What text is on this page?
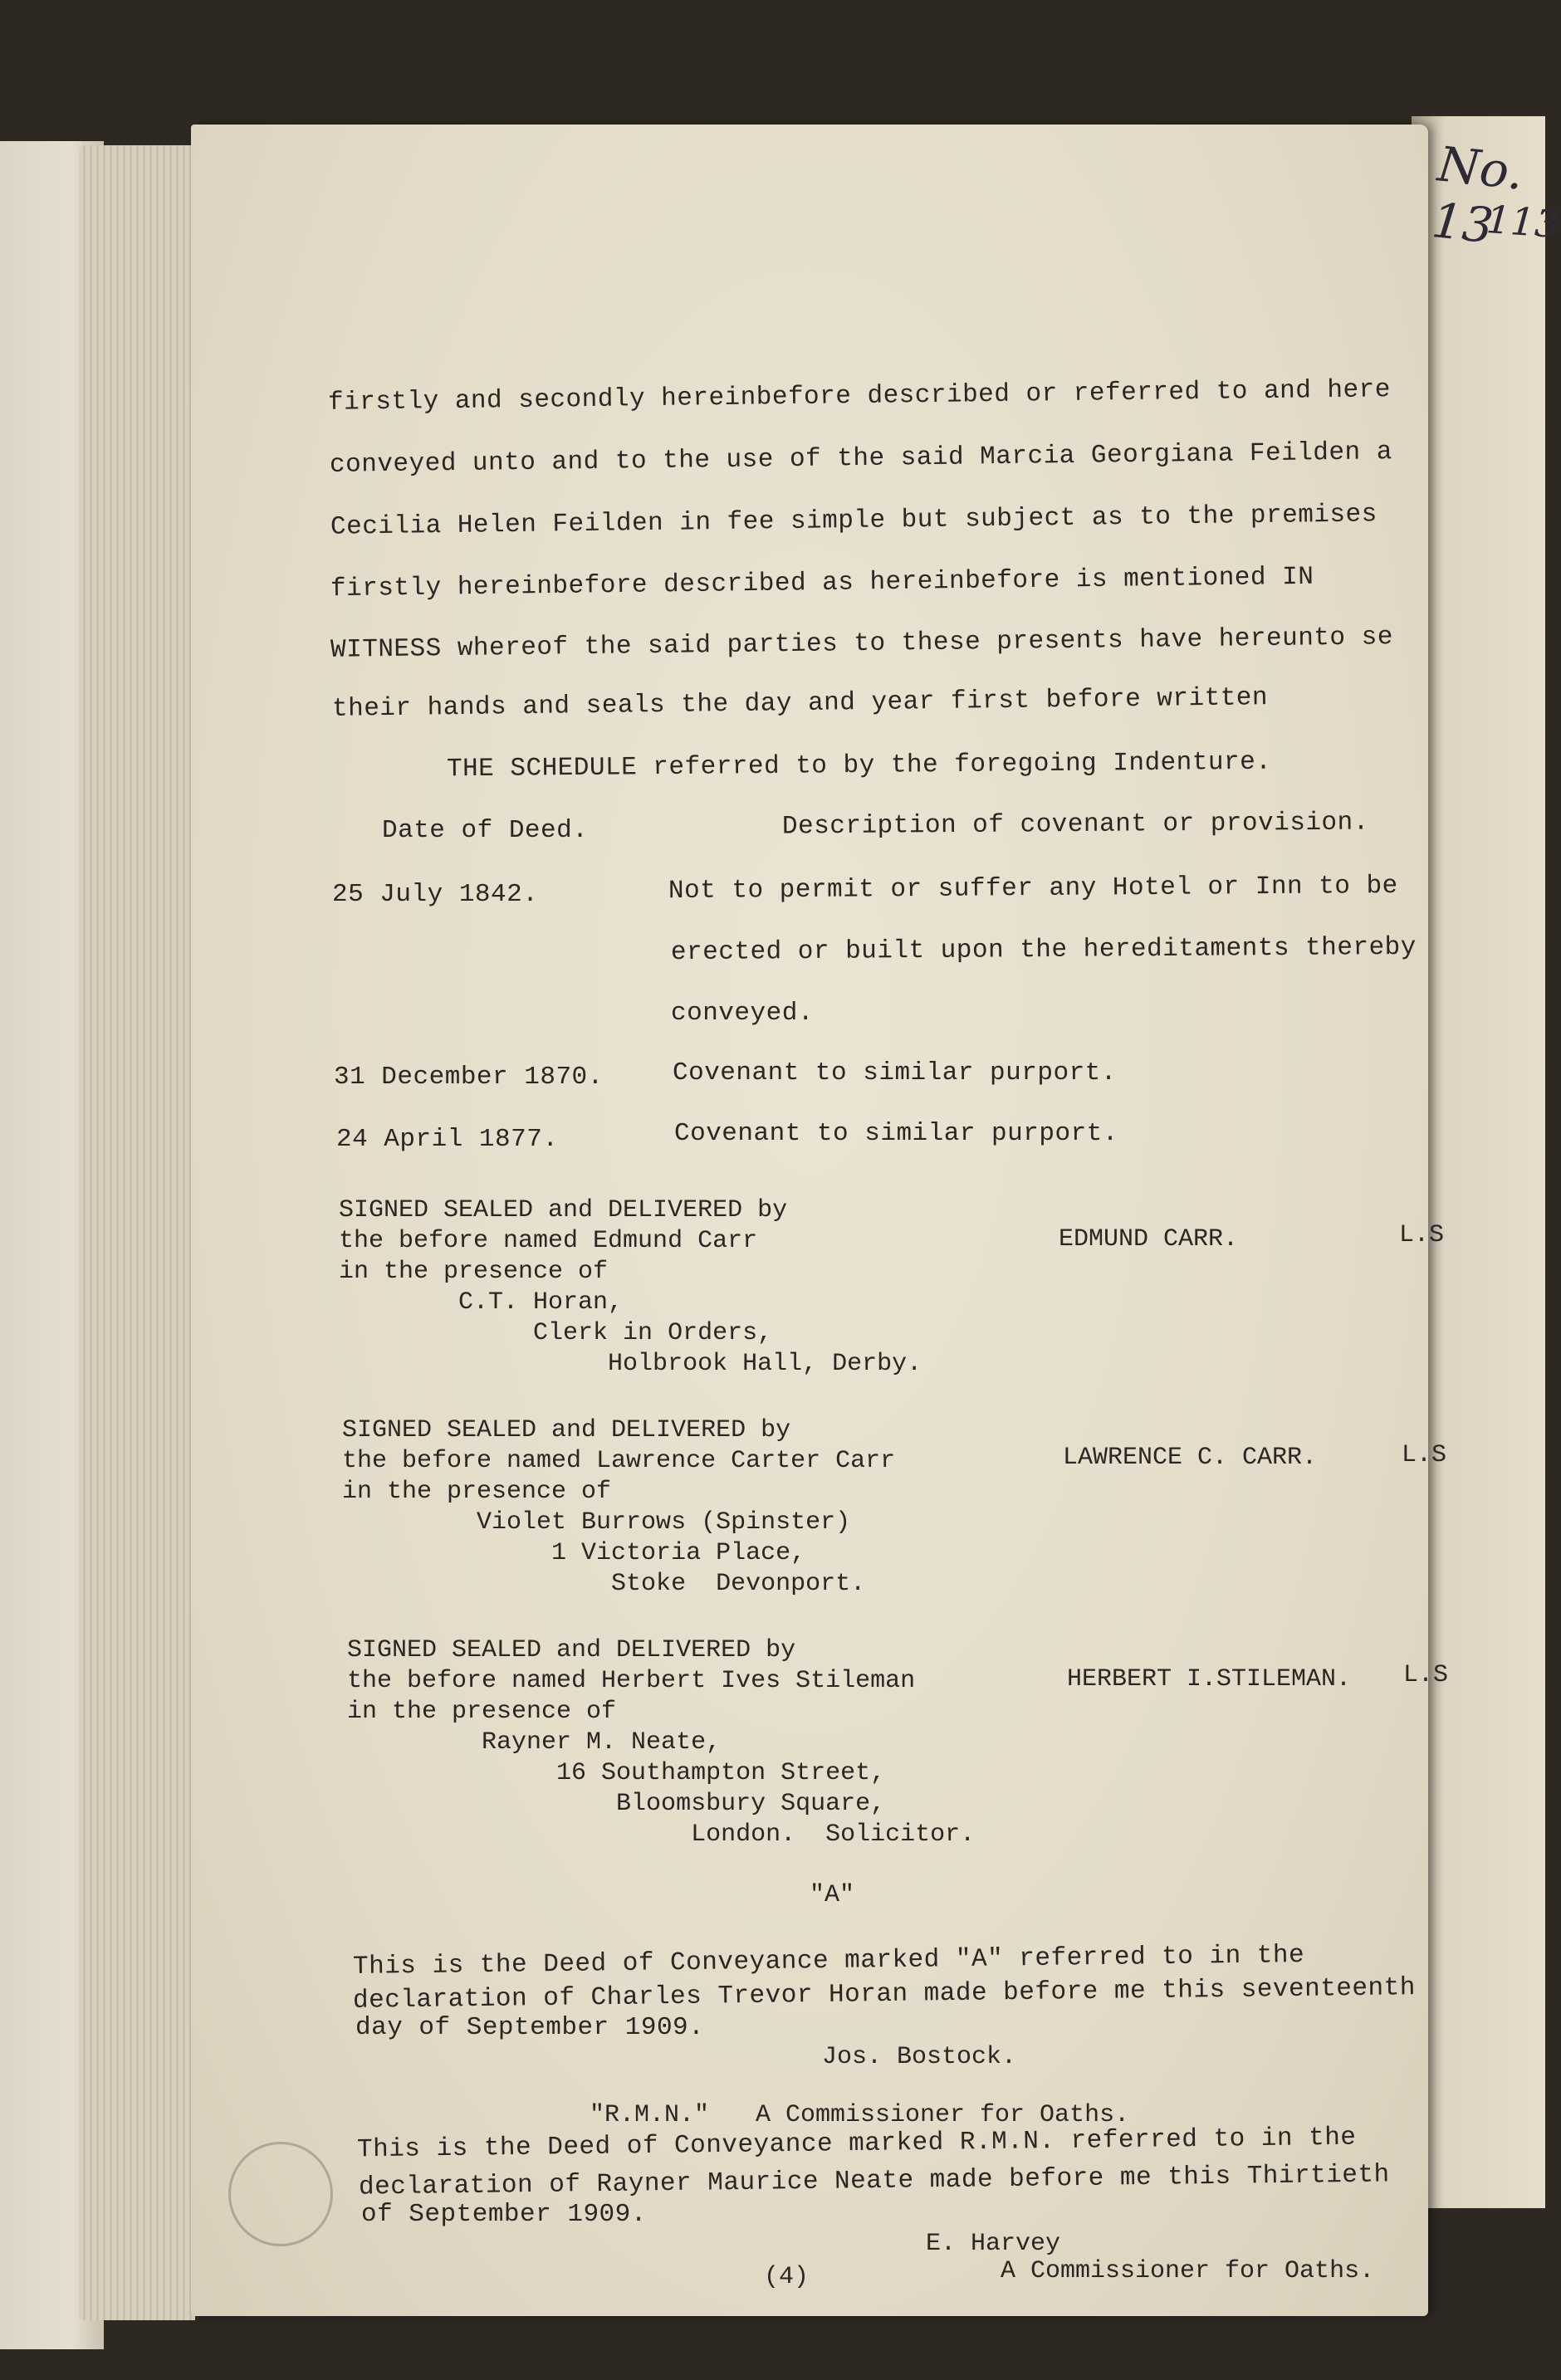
No. 13
113
firstly and secondly hereinbefore described or referred to and here
conveyed unto and to the use of the said Marcia Georgiana Feilden a
Cecilia Helen Feilden in fee simple but subject as to the premises
firstly hereinbefore described as hereinbefore is mentioned IN
WITNESS whereof the said parties to these presents have hereunto se
their hands and seals the day and year first before written
THE SCHEDULE referred to by the foregoing Indenture.
Date of Deed.	Description of covenant or provision.
25 July 1842.	Not to permit or suffer any Hotel or Inn to be
erected or built upon the hereditaments thereby
conveyed.
31 December 1870.	Covenant to similar purport.
24 April 1877.	Covenant to similar purport.
SIGNED SEALED and DELIVERED by
the before named Edmund Carr
in the presence of
C.T. Horan,
Clerk in Orders,
Holbrook Hall, Derby.
EDMUND CARR.	L.S
SIGNED SEALED and DELIVERED by
the before named Lawrence Carter Carr
in the presence of
Violet Burrows (Spinster)
1 Victoria Place,
Stoke  Devonport.
LAWRENCE C. CARR.	L.S
SIGNED SEALED and DELIVERED by
the before named Herbert Ives Stileman
in the presence of
Rayner M. Neate,
16 Southampton Street,
Bloomsbury Square,
London.  Solicitor.
HERBERT I.STILEMAN. L.S
"A"
This is the Deed of Conveyance marked "A" referred to in the
declaration of Charles Trevor Horan made before me this seventeenth
day of September 1909.
Jos. Bostock.
A Commissioner for Oaths.
"R.M.N."
This is the Deed of Conveyance marked R.M.N. referred to in the
declaration of Rayner Maurice Neate made before me this Thirtieth
of September 1909.
E. Harvey
A Commissioner for Oaths.
(4)
